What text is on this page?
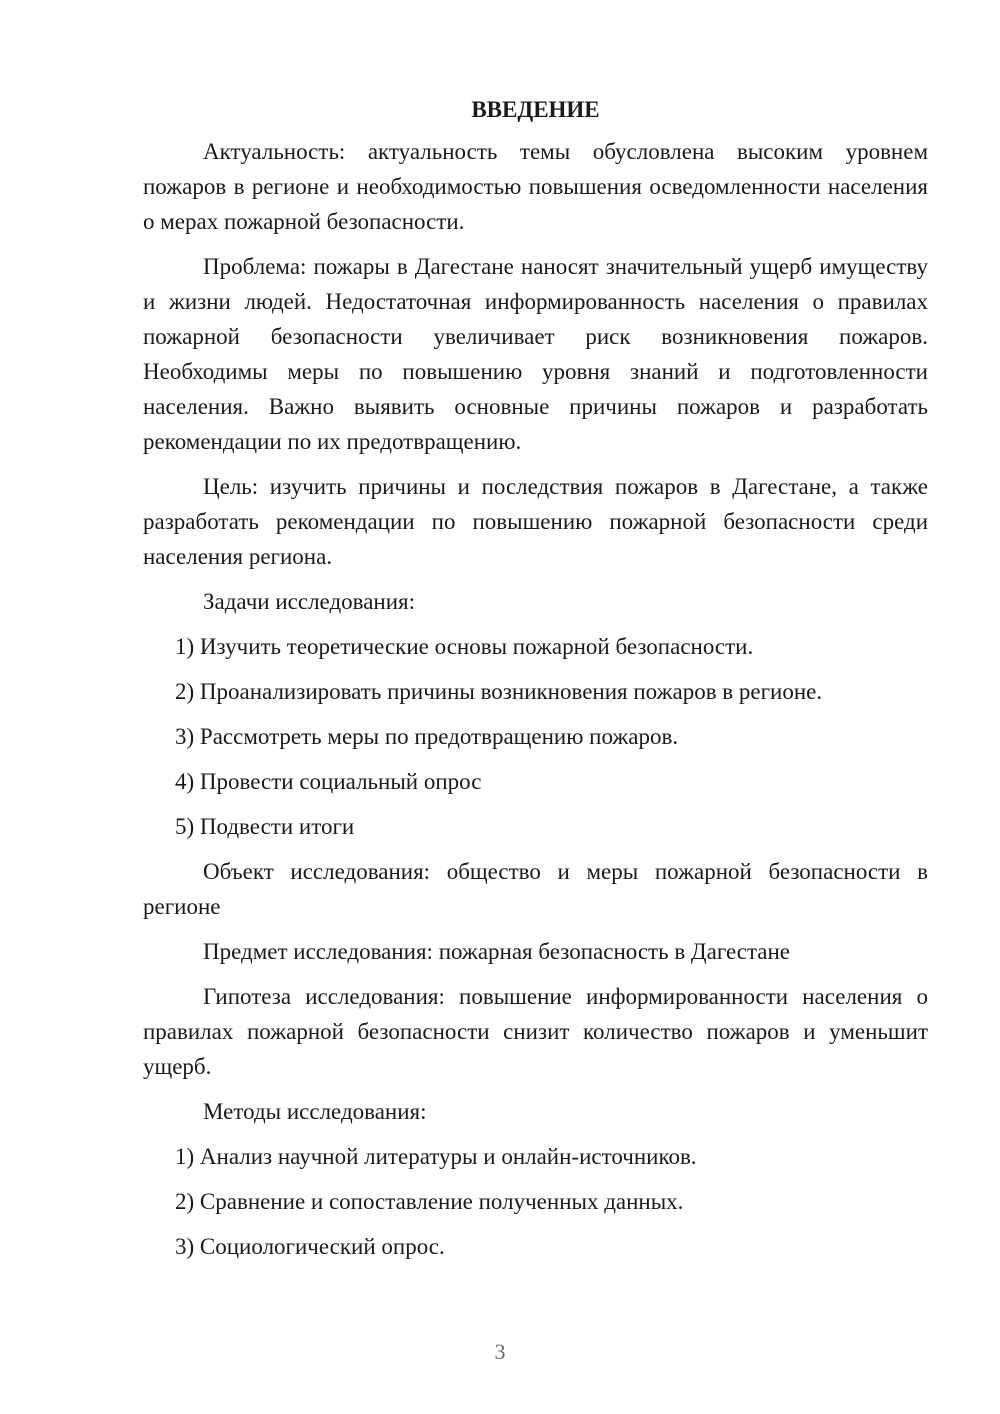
ВВЕДЕНИЕ

Актуальность: актуальность темы обусловлена высоким уровнем пожаров в регионе и необходимостью повышения осведомленности населения о мерах пожарной безопасности.

Проблема: пожары в Дагестане наносят значительный ущерб имуществу и жизни людей. Недостаточная информированность населения о правилах пожарной безопасности увеличивает риск возникновения пожаров. Необходимы меры по повышению уровня знаний и подготовленности населения. Важно выявить основные причины пожаров и разработать рекомендации по их предотвращению.

Цель: изучить причины и последствия пожаров в Дагестане, а также разработать рекомендации по повышению пожарной безопасности среди населения региона.

Задачи исследования:

1) Изучить теоретические основы пожарной безопасности.
2) Проанализировать причины возникновения пожаров в регионе.
3) Рассмотреть меры по предотвращению пожаров.
4) Провести социальный опрос
5) Подвести итоги

Объект исследования: общество и меры пожарной безопасности в регионе

Предмет исследования: пожарная безопасность в Дагестане

Гипотеза исследования: повышение информированности населения о правилах пожарной безопасности снизит количество пожаров и уменьшит ущерб.

Методы исследования:

1) Анализ научной литературы и онлайн-источников.
2) Сравнение и сопоставление полученных данных.
3) Социологический опрос.
3
